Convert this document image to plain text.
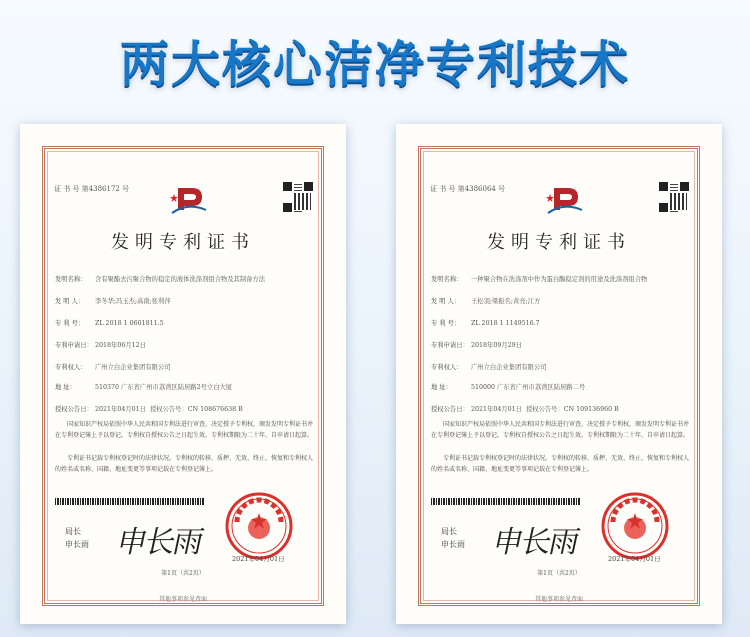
两大核心洁净专利技术
证 书 号 第4386172 号
发明专利证书
发明名称： 含有聚酯去污聚合物的稳定的液体洗涤剂组合物及其制备方法
发 明 人： 李冬华;冯玉杰;高南;张利萍
专 利 号： ZL 2018 1 0601811.5
专利申请日： 2018年06月12日
专利权人： 广州立白企业集团有限公司
地 址：	510370 广东省广州市荔湾区陆居路2号立白大厦
授权公告日： 2021年04月01日 授权公告号：CN 108676638 B
国家知识产权局依照中华人民共和国专利法进行审查，决定授予专利权，颁发发明专利证书并在专利登记簿上予以登记。专利权自授权公告之日起生效。专利权期限为二十年，自申请日起算。
专利证书记载专利权登记时的法律状况。专利权的转移、质押、无效、终止、恢复和专利权人的姓名或名称、国籍、地址变更等事项记载在专利登记簿上。
局长
申长雨 申长雨	2021年04月01日
第1页（共2页）
其他事项参见背面
证 书 号 第4386064 号
发明专利证书
发明名称： 一种聚合物在洗涤剂中作为蛋白酶稳定剂的用途及洗涤剂组合物
发 明 人： 王松羽;梁振名;黄亮;江方
专 利 号： ZL 2018 1 1149516.7
专利申请日： 2018年09月29日
专利权人： 广州立白企业集团有限公司
地 址：	510000 广东省广州市荔湾区陆居路二号
授权公告日： 2021年04月01日 授权公告号：CN 109136960 B
国家知识产权局依照中华人民共和国专利法进行审查，决定授予专利权，颁发发明专利证书并在专利登记簿上予以登记。专利权自授权公告之日起生效。专利权期限为二十年，自申请日起算。
专利证书记载专利权登记时的法律状况。专利权的转移、质押、无效、终止、恢复和专利权人的姓名或名称、国籍、地址变更等事项记载在专利登记簿上。
局长
申长雨 申长雨	2021年04月01日
第1页（共2页）
其他事项参见背面
